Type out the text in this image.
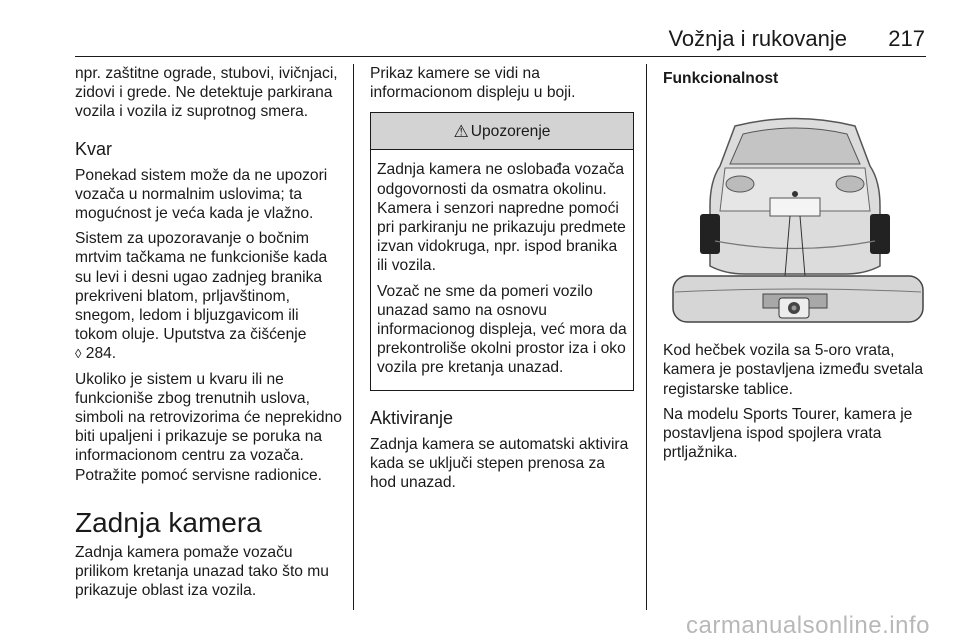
Vožnja i rukovanje 217

npr. zaštitne ograde, stubovi, ivičnjaci, zidovi i grede. Ne detektuje parkirana vozila i vozila iz suprotnog smera.

Kvar

Ponekad sistem može da ne upozori vozača u normalnim uslovima; ta mogućnost je veća kada je vlažno.

Sistem za upozoravanje o bočnim mrtvim tačkama ne funkcioniše kada su levi i desni ugao zadnjeg branika prekriveni blatom, prljavštinom, snegom, ledom i bljuzgavicom ili tokom oluje. Uputstva za čišćenje
◊ 284.

Ukoliko je sistem u kvaru ili ne funkcioniše zbog trenutnih uslova, simboli na retrovizorima će neprekidno biti upaljeni i prikazuje se poruka na informacionom centru za vozača. Potražite pomoć servisne radionice.

Zadnja kamera

Zadnja kamera pomaže vozaču prilikom kretanja unazad tako što mu prikazuje oblast iza vozila.

Prikaz kamere se vidi na informacionom displeju u boji.

⚠ Upozorenje

Zadnja kamera ne oslobađa vozača odgovornosti da osmatra okolinu. Kamera i senzori napredne pomoći pri parkiranju ne prikazuju predmete izvan vidokruga, npr. ispod branika ili vozila.

Vozač ne sme da pomeri vozilo unazad samo na osnovu informacionog displeja, već mora da prekontroliše okolni prostor iza i oko vozila pre kretanja unazad.

Aktiviranje

Zadnja kamera se automatski aktivira kada se uključi stepen prenosa za hod unazad.

Funkcionalnost

Kod hečbek vozila sa 5-oro vrata, kamera je postavljena između svetala registarske tablice.

Na modelu Sports Tourer, kamera je postavljena ispod spojlera vrata prtljažnika.

carmanualsonline.info
